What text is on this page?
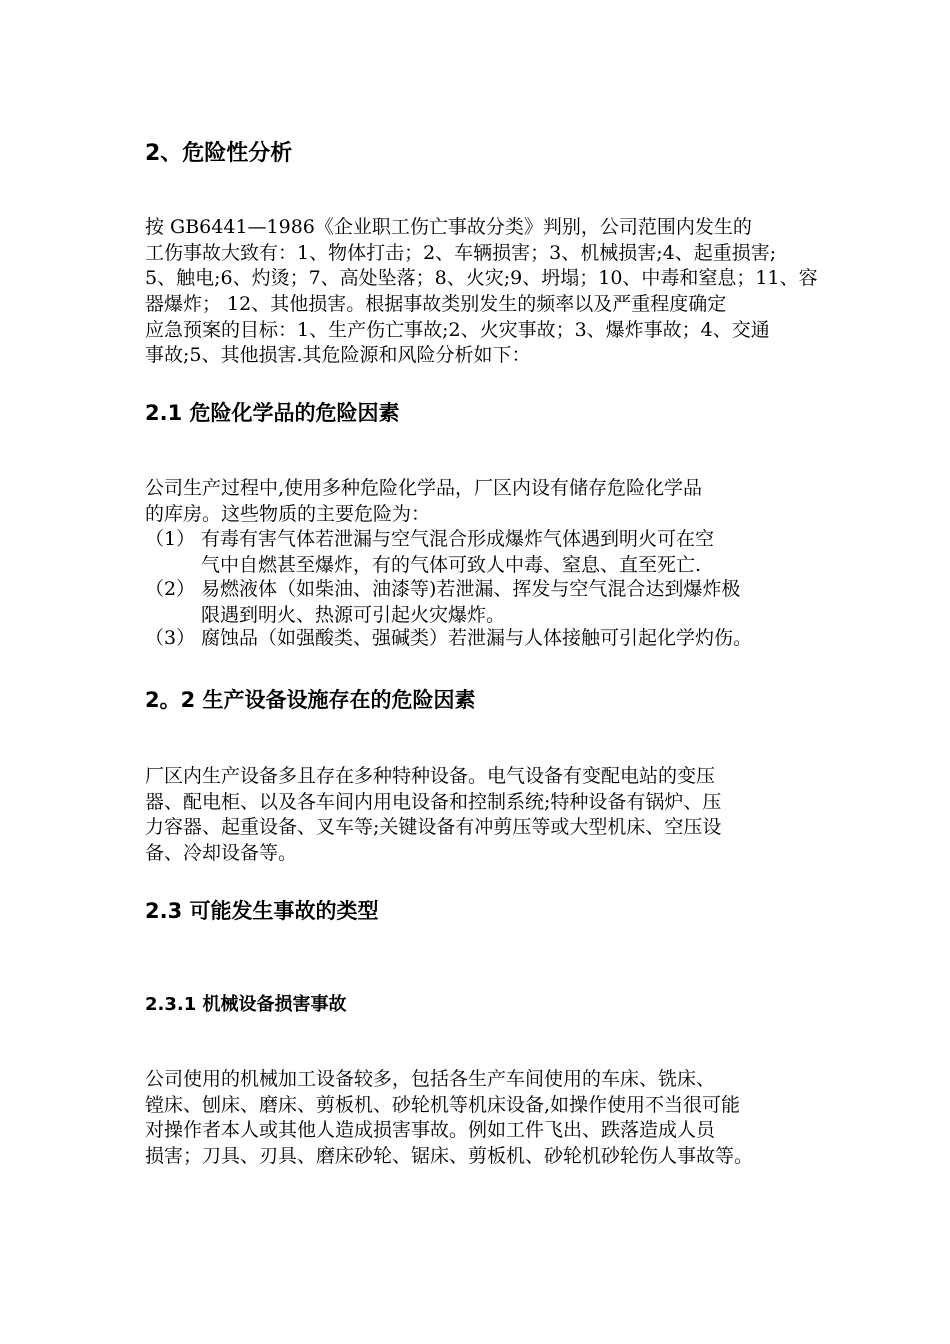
2、危险性分析
按 GB6441—1986《企业职工伤亡事故分类》判别，公司范围内发生的
工伤事故大致有：1、物体打击；2、车辆损害；3、机械损害;4、起重损害;
5、触电;6、灼烫；7、高处坠落；8、火灾;9、坍塌；10、中毒和窒息；11、容
器爆炸； 12、其他损害。根据事故类别发生的频率以及严重程度确定
应急预案的目标：1、生产伤亡事故;2、火灾事故；3、爆炸事故；4、交通
事故;5、其他损害.其危险源和风险分析如下：
2.1 危险化学品的危险因素
公司生产过程中,使用多种危险化学品，厂区内设有储存危险化学品
的库房。这些物质的主要危险为：
（1） 有毒有害气体若泄漏与空气混合形成爆炸气体遇到明火可在空
气中自燃甚至爆炸，有的气体可致人中毒、窒息、直至死亡.
（2） 易燃液体（如柴油、油漆等)若泄漏、挥发与空气混合达到爆炸极
限遇到明火、热源可引起火灾爆炸。
（3） 腐蚀品（如强酸类、强碱类）若泄漏与人体接触可引起化学灼伤。
2。2 生产设备设施存在的危险因素
厂区内生产设备多且存在多种特种设备。电气设备有变配电站的变压
器、配电柜、以及各车间内用电设备和控制系统;特种设备有锅炉、压
力容器、起重设备、叉车等;关键设备有冲剪压等或大型机床、空压设
备、冷却设备等。
2.3 可能发生事故的类型
2.3.1 机械设备损害事故
公司使用的机械加工设备较多，包括各生产车间使用的车床、铣床、
镗床、刨床、磨床、剪板机、砂轮机等机床设备,如操作使用不当很可能
对操作者本人或其他人造成损害事故。例如工件飞出、跌落造成人员
损害；刀具、刃具、磨床砂轮、锯床、剪板机、砂轮机砂轮伤人事故等。
